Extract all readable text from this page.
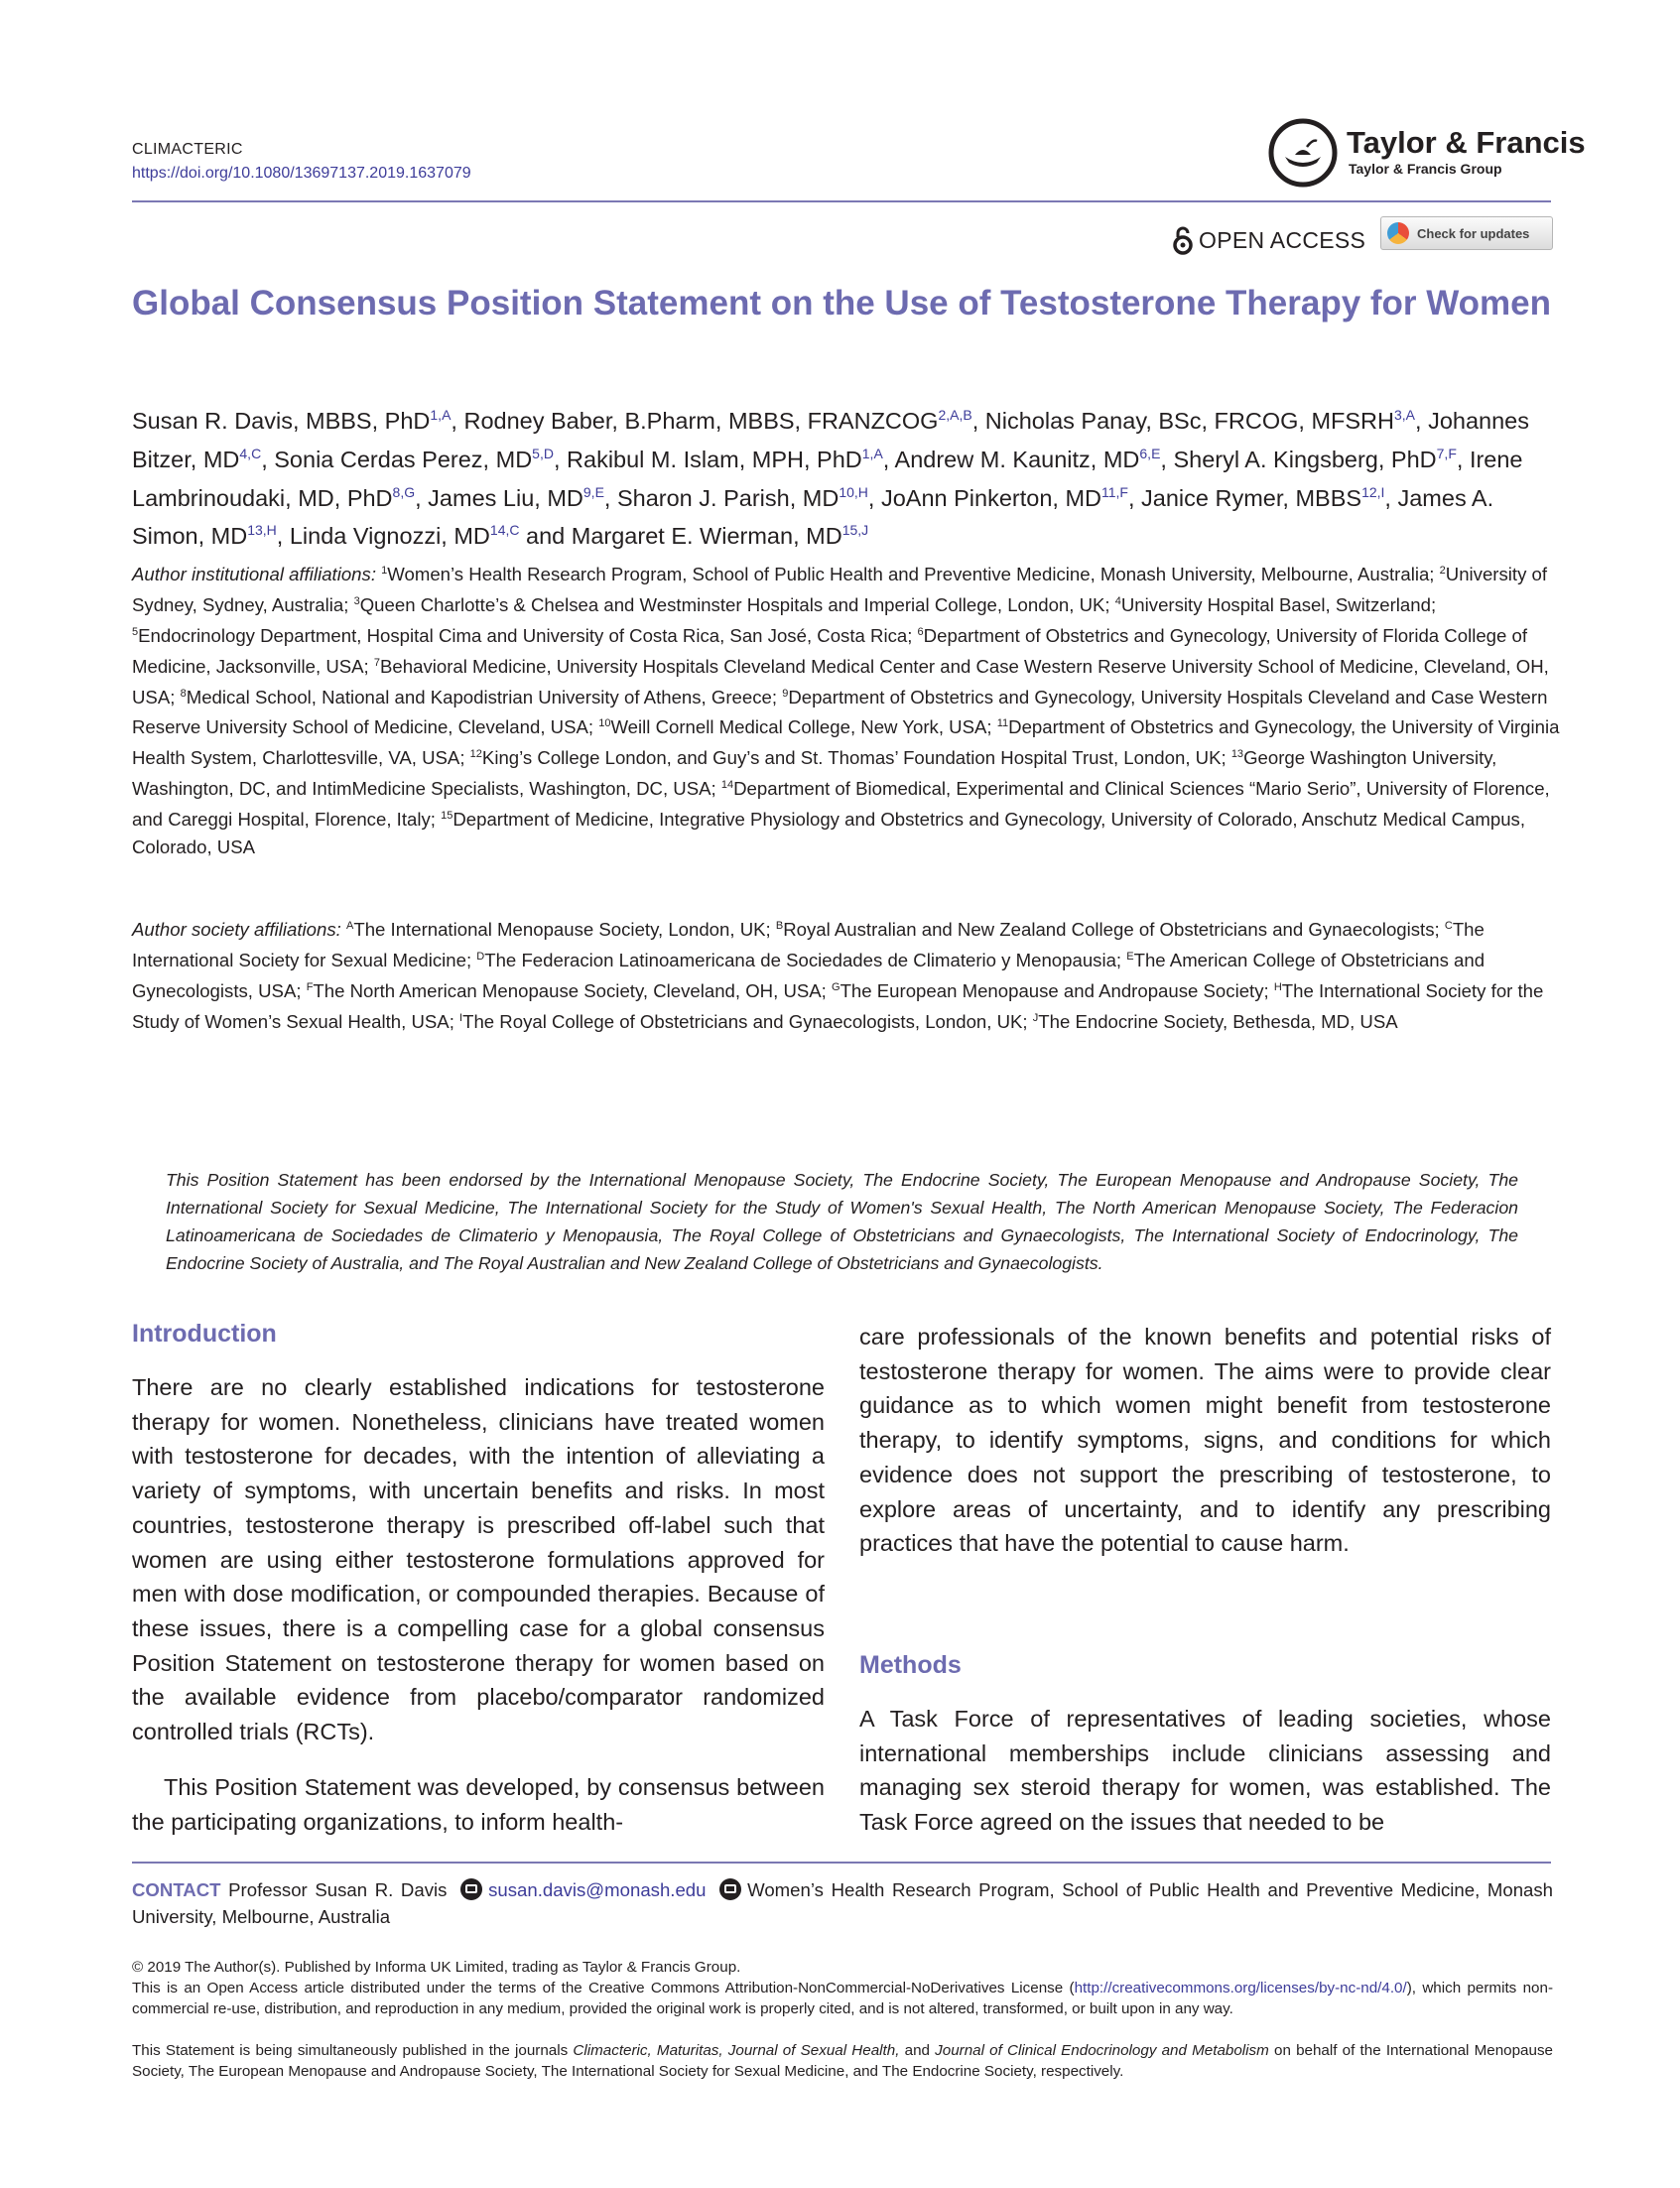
CLIMACTERIC
https://doi.org/10.1080/13697137.2019.1637079
Taylor & Francis
Taylor & Francis Group
OPEN ACCESS	Check for updates
Global Consensus Position Statement on the Use of Testosterone Therapy for Women

Susan R. Davis, MBBS, PhD$^{1,A}$, Rodney Baber, B.Pharm, MBBS, $FRANZCOG^{2,A,B}$, Nicholas Panay, BSc, FRCOG, $MFSRH^{3,A}$, Johannes Bitzer, $MD^{4,C}$, Sonia Cerdas Perez, $MD^{5,D}$, Rakibul M. Islam, MPH, PhD$^{1,A}$, Andrew M. Kaunitz, $MD^{6,E}$, Sheryl A. Kingsberg, PhD$^{7,F}$, Irene Lambrinoudaki, MD, PhD$^{8,G}$, James Liu, $MD^{9,E}$, Sharon J. Parish, $MD^{10,H}$, JoAnn Pinkerton, $MD^{11,F}$, Janice Rymer, $MBBS^{12,I}$, James A. Simon, $MD^{13,H}$, Linda Vignozzi, $MD^{14,C}$ and Margaret E. Wierman, $MD^{15,J}$

Author institutional affiliations: $^1$Women’s Health Research Program, School of Public Health and Preventive Medicine, Monash University, Melbourne, Australia; $^2$University of Sydney, Sydney, Australia; $^3$Queen Charlotte’s & Chelsea and Westminster Hospitals and Imperial College, London, UK; $^4$University Hospital Basel, Switzerland; $^5$Endocrinology Department, Hospital Cima and University of Costa Rica, San José, Costa Rica; $^6$Department of Obstetrics and Gynecology, University of Florida College of Medicine, Jacksonville, USA; $^7$Behavioral Medicine, University Hospitals Cleveland Medical Center and Case Western Reserve University School of Medicine, Cleveland, OH, USA; $^8$Medical School, National and Kapodistrian University of Athens, Greece; $^9$Department of Obstetrics and Gynecology, University Hospitals Cleveland and Case Western Reserve University School of Medicine, Cleveland, USA; $^{10}$Weill Cornell Medical College, New York, USA; $^{11}$Department of Obstetrics and Gynecology, the University of Virginia Health System, Charlottesville, VA, USA; $^{12}$King’s College London, and Guy’s and St. Thomas’ Foundation Hospital Trust, London, UK; $^{13}$George Washington University, Washington, DC, and IntimMedicine Specialists, Washington, DC, USA; $^{14}$Department of Biomedical, Experimental and Clinical Sciences “Mario Serio”, University of Florence, and Careggi Hospital, Florence, Italy; $^{15}$Department of Medicine, Integrative Physiology and Obstetrics and Gynecology, University of Colorado, Anschutz Medical Campus, Colorado, USA

Author society affiliations: $^A$The International Menopause Society, London, UK; $^B$Royal Australian and New Zealand College of Obstetricians and Gynaecologists; $^C$The International Society for Sexual Medicine; $^D$The Federacion Latinoamericana de Sociedades de Climaterio y Menopausia; $^E$The American College of Obstetricians and Gynecologists, USA; $^F$The North American Menopause Society, Cleveland, OH, USA; $^G$The European Menopause and Andropause Society; $^H$The International Society for the Study of Women’s Sexual Health, USA; $^I$The Royal College of Obstetricians and Gynaecologists, London, UK; $^J$The Endocrine Society, Bethesda, MD, USA

This Position Statement has been endorsed by the International Menopause Society, The Endocrine Society, The European Menopause and Andropause Society, The International Society for Sexual Medicine, The International Society for the Study of Women's Sexual Health, The North American Menopause Society, The Federacion Latinoamericana de Sociedades de Climaterio y Menopausia, The Royal College of Obstetricians and Gynaecologists, The International Society of Endocrinology, The Endocrine Society of Australia, and The Royal Australian and New Zealand College of Obstetricians and Gynaecologists.

Introduction

There are no clearly established indications for testosterone therapy for women. Nonetheless, clinicians have treated women with testosterone for decades, with the intention of alleviating a variety of symptoms, with uncertain benefits and risks. In most countries, testosterone therapy is prescribed off-label such that women are using either testosterone formulations approved for men with dose modification, or compounded therapies. Because of these issues, there is a compelling case for a global consensus Position Statement on testosterone therapy for women based on the available evidence from placebo/comparator randomized controlled trials (RCTs).

This Position Statement was developed, by consensus between the participating organizations, to inform health-

care professionals of the known benefits and potential risks of testosterone therapy for women. The aims were to provide clear guidance as to which women might benefit from testosterone therapy, to identify symptoms, signs, and conditions for which evidence does not support the prescribing of testosterone, to explore areas of uncertainty, and to identify any prescribing practices that have the potential to cause harm.

Methods

A Task Force of representatives of leading societies, whose international memberships include clinicians assessing and managing sex steroid therapy for women, was established. The Task Force agreed on the issues that needed to be

CONTACT Professor Susan R. Davis susan.davis@monash.edu Women’s Health Research Program, School of Public Health and Preventive Medicine, Monash University, Melbourne, Australia

© 2019 The Author(s). Published by Informa UK Limited, trading as Taylor & Francis Group.

This is an Open Access article distributed under the terms of the Creative Commons Attribution-NonCommercial-NoDerivatives License (http://creativecommons.org/licenses/by-nc-nd/4.0/), which permits non-commercial re-use, distribution, and reproduction in any medium, provided the original work is properly cited, and is not altered, transformed, or built upon in any way.

This Statement is being simultaneously published in the journals Climacteric, Maturitas, Journal of Sexual Health, and Journal of Clinical Endocrinology and Metabolism on behalf of the International Menopause Society, The European Menopause and Andropause Society, The International Society for Sexual Medicine, and The Endocrine Society, respectively.
